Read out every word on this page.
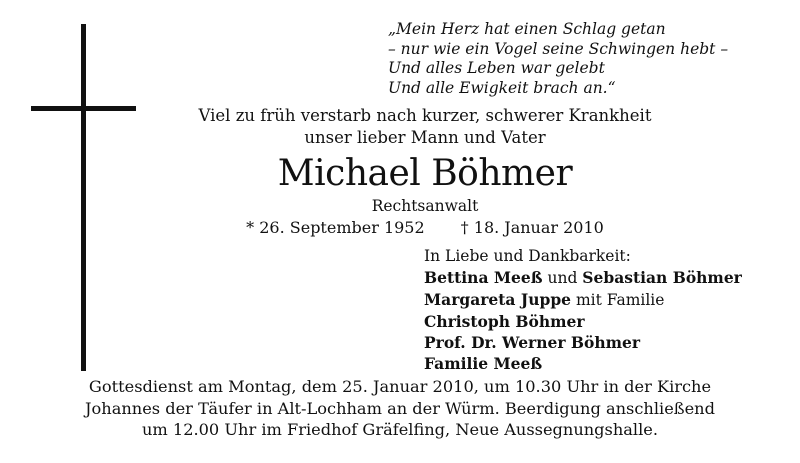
„Mein Herz hat einen Schlag getan
– nur wie ein Vogel seine Schwingen hebt –
Und alles Leben war gelebt
Und alle Ewigkeit brach an.“
Viel zu früh verstarb nach kurzer, schwerer Krankheit
unser lieber Mann und Vater
Michael Böhmer
Rechtsanwalt
* 26. September 1952 † 18. Januar 2010
In Liebe und Dankbarkeit:
Bettina Meeß und Sebastian Böhmer
Margareta Juppe mit Familie
Christoph Böhmer
Prof. Dr. Werner Böhmer
Familie Meeß
Gottesdienst am Montag, dem 25. Januar 2010, um 10.30 Uhr in der Kirche
Johannes der Täufer in Alt-Lochham an der Würm. Beerdigung anschließend
um 12.00 Uhr im Friedhof Gräfelfing, Neue Aussegnungshalle.
